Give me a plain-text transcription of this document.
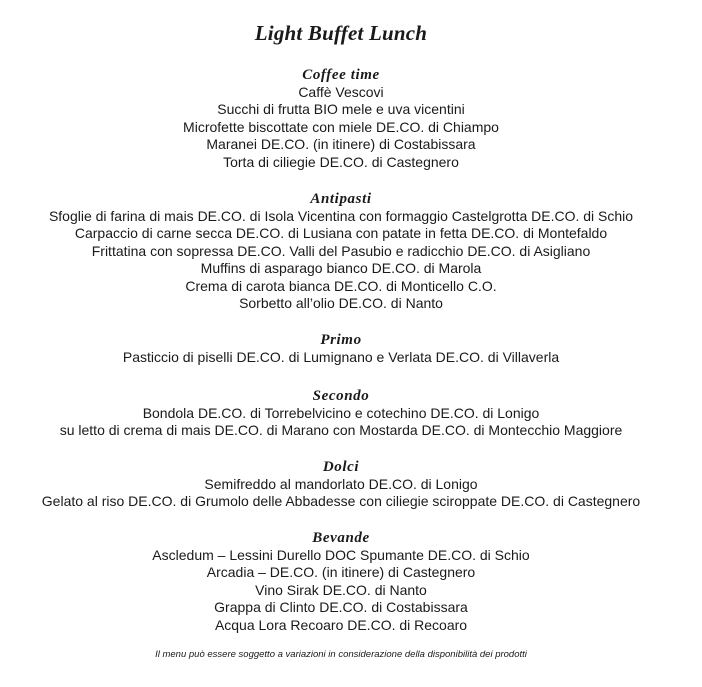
Light Buffet Lunch

Coffee time

Caffè Vescovi

Succhi di frutta BIO mele e uva vicentini

Microfette biscottate con miele DE.CO. di Chiampo

Maranei DE.CO. (in itinere) di Costabissara

Torta di ciliegie DE.CO. di Castegnero

Antipasti

Sfoglie di farina di mais DE.CO. di Isola Vicentina con formaggio Castelgrotta DE.CO. di Schio

Carpaccio di carne secca DE.CO. di Lusiana con patate in fetta DE.CO. di Montefaldo

Frittatina con sopressa DE.CO. Valli del Pasubio e radicchio DE.CO. di Asigliano

Muffins di asparago bianco DE.CO. di Marola

Crema di carota bianca DE.CO. di Monticello C.O.

Sorbetto all’olio DE.CO. di Nanto

Primo

Pasticcio di piselli DE.CO. di Lumignano e Verlata DE.CO. di Villaverla

Secondo

Bondola DE.CO. di Torrebelvicino e cotechino DE.CO. di Lonigo

su letto di crema di mais DE.CO. di Marano con Mostarda DE.CO. di Montecchio Maggiore

Dolci

Semifreddo al mandorlato DE.CO. di Lonigo

Gelato al riso DE.CO. di Grumolo delle Abbadesse con ciliegie sciroppate DE.CO. di Castegnero

Bevande

Ascledum – Lessini Durello DOC Spumante DE.CO. di Schio

Arcadia – DE.CO. (in itinere) di Castegnero

Vino Sirak DE.CO. di Nanto

Grappa di Clinto DE.CO. di Costabissara

Acqua Lora Recoaro DE.CO. di Recoaro

Il menu può essere soggetto a variazioni in considerazione della disponibilità dei prodotti
